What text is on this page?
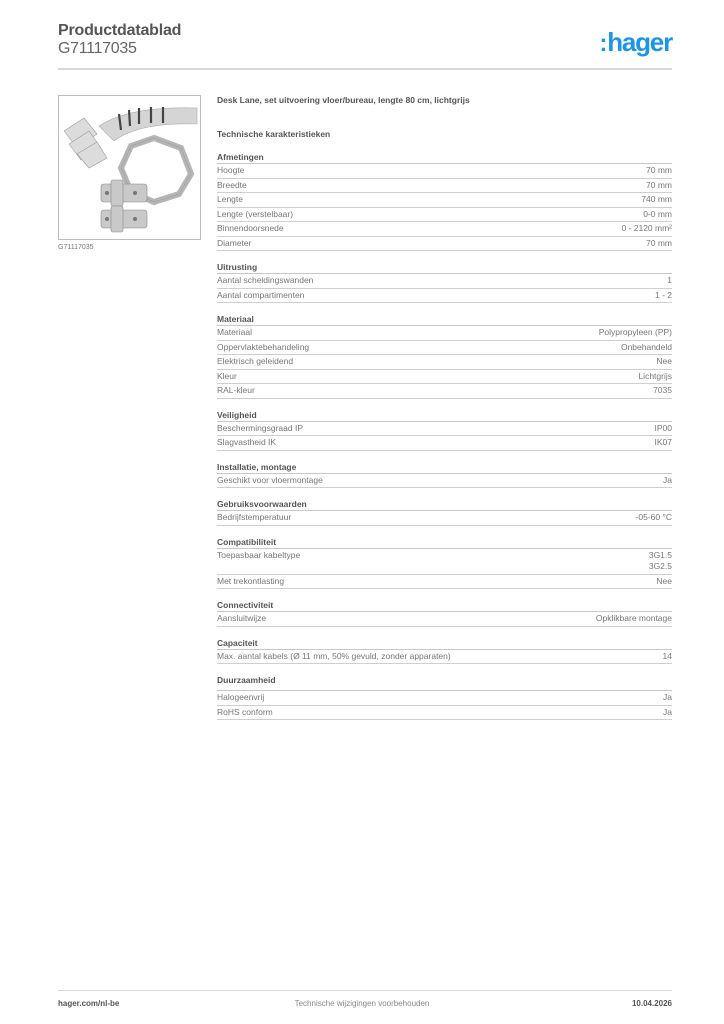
Productdatablad
G71117035	:hager
G71117035
Desk Lane, set uitvoering vloer/bureau, lengte 80 cm, lichtgrijs
Technische karakteristieken
Afmetingen
Hoogte	70 mm
Breedte	70 mm
Lengte	740 mm
Lengte (verstelbaar)	0-0 mm
Binnendoorsnede	0 - 2120 mm²
Diameter	70 mm
Uitrusting
Aantal scheidingswanden	1
Aantal compartimenten	1 - 2
Materiaal
Materiaal	Polypropyleen (PP)
Oppervlaktebehandeling	Onbehandeld
Elektrisch geleidend	Nee
Kleur	Lichtgrijs
RAL-kleur	7035
Veiligheid
Beschermingsgraad IP	IP00
Slagvastheid IK	IK07
Installatie, montage
Geschikt voor vloermontage	Ja
Gebruiksvoorwaarden
Bedrijfstemperatuur	-05-60 °C
Compatibiliteit
Toepasbaar kabeltype	3G1.5
3G2.5
Met trekontlasting	Nee
Connectiviteit
Aansluitwijze	Opklikbare montage
Capaciteit
Max. aantal kabels (Ø 11 mm, 50% gevuld, zonder apparaten)	14
Duurzaamheid
Halogeenvrij	Ja
RoHS conform	Ja
hager.com/nl-be	Technische wijzigingen voorbehouden	10.04.2026
